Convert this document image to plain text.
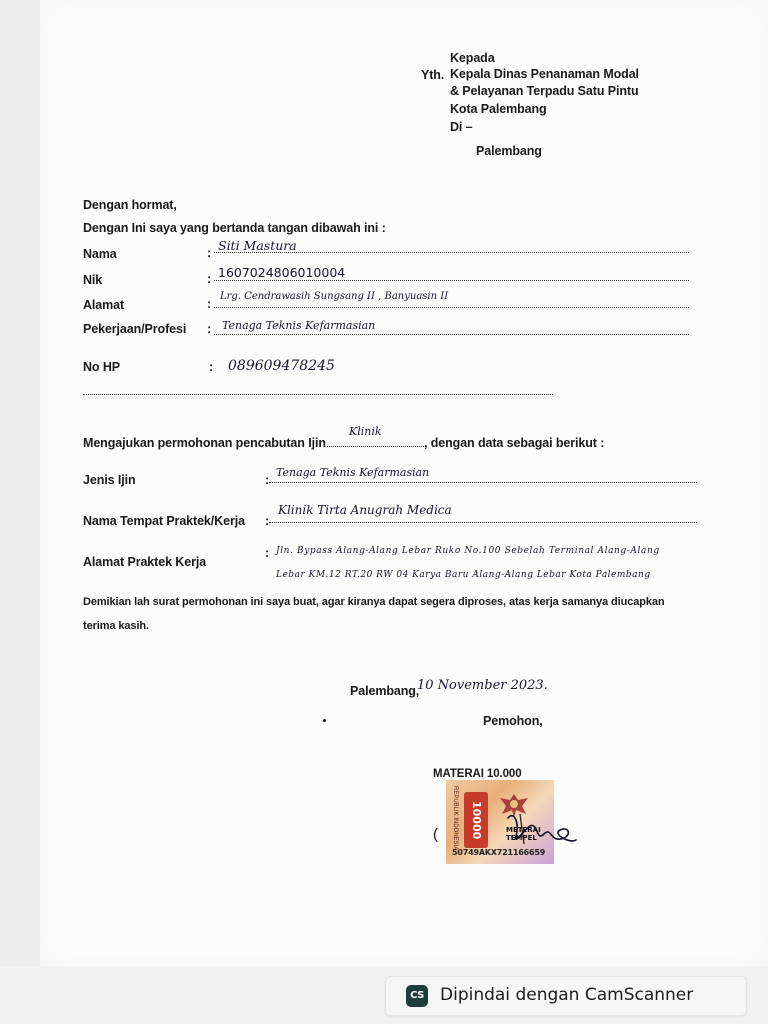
Kepada
Yth. Kepala Dinas Penanaman Modal
& Pelayanan Terpadu Satu Pintu
Kota Palembang
Di –
Palembang
Dengan hormat,
Dengan Ini saya yang bertanda tangan dibawah ini :
Nama	: Siti Mastura
Nik	: 1607024806010004
Alamat	:
Lrg. Cendrawasih Sungsang II , Banyuasin II
Pekerjaan/Profesi : Tenaga Teknis Kefarmasian
No HP	: 089609478245
Mengajukan permohonan pencabutan Ijin
Klinik
, dengan data sebagai berikut :
Jenis Ijin	:
Tenaga Teknis Kefarmasian
Nama Tempat Praktek/Kerja :
Klinik Tirta Anugrah Medica
Alamat Praktek Kerja
: Jln. Bypass Alang-Alang Lebar Ruko No.100 Sebelah Terminal Alang-Alang
Lebar KM.12 RT.20 RW 04 Karya Baru Alang-Alang Lebar Kota Palembang
Demikian lah surat permohonan ini saya buat, agar kiranya dapat segera diproses, atas kerja samanya diucapkan
terima kasih.
Palembang,
10 November 2023.
Pemohon,
MATERAI 10.000
(	REPUBLIK INDONESIA	10000	METERAI TEMPEL
50749AKX721166659
CS Dipindai dengan CamScanner
